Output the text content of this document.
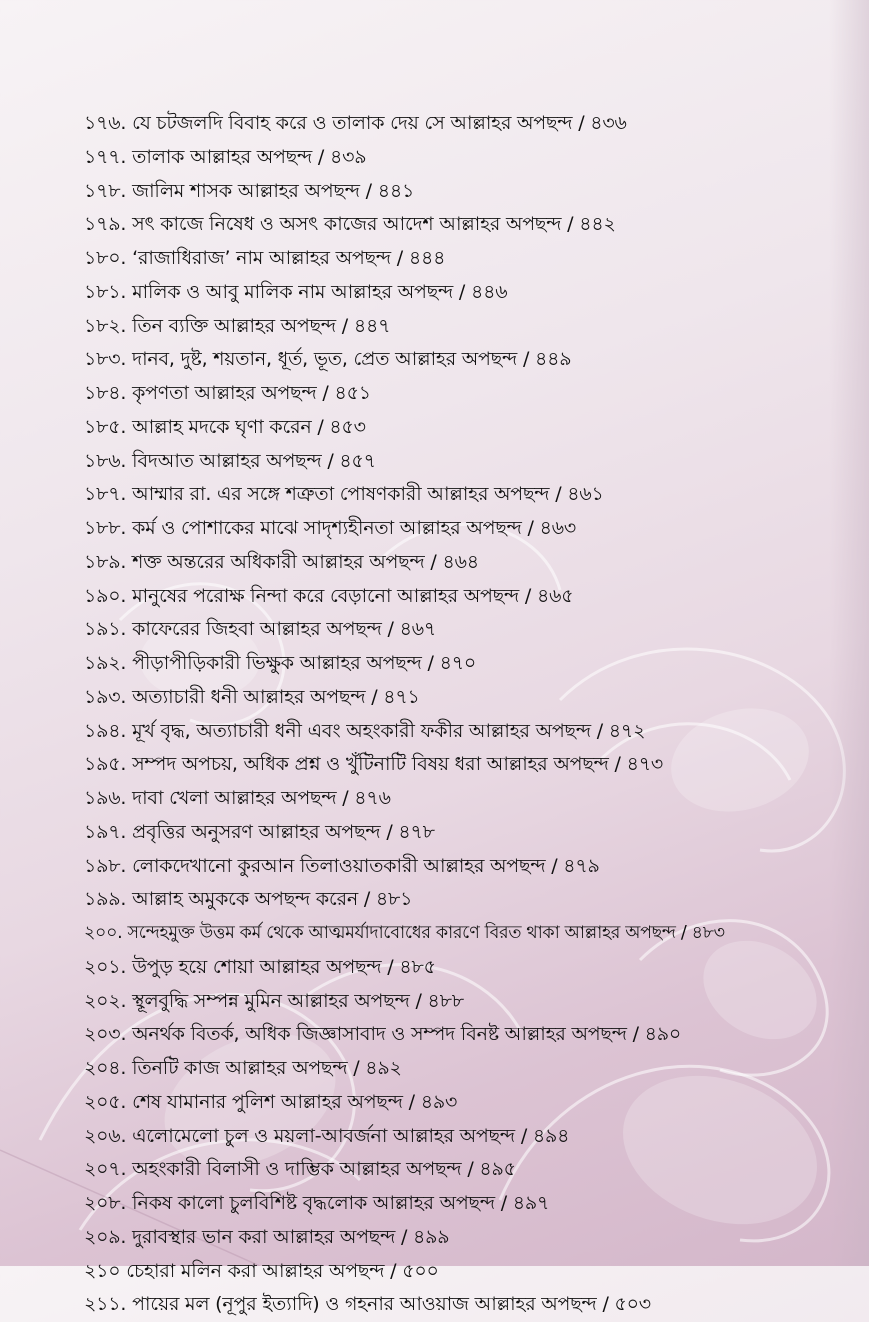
১৭৬. যে চটজলদি বিবাহ করে ও তালাক দেয় সে আল্লাহর অপছন্দ / ৪৩৬
১৭৭. তালাক আল্লাহর অপছন্দ / ৪৩৯
১৭৮. জালিম শাসক আল্লাহর অপছন্দ / ৪৪১
১৭৯. সৎ কাজে নিষেধ ও অসৎ কাজের আদেশ আল্লাহর অপছন্দ / ৪৪২
১৮০. ‘রাজাধিরাজ’ নাম আল্লাহর অপছন্দ / ৪৪৪
১৮১. মালিক ও আবু মালিক নাম আল্লাহর অপছন্দ / ৪৪৬
১৮২. তিন ব্যক্তি আল্লাহর অপছন্দ / ৪৪৭
১৮৩. দানব, দুষ্ট, শয়তান, ধূর্ত, ভূত, প্রেত আল্লাহর অপছন্দ / ৪৪৯
১৮৪. কৃপণতা আল্লাহর অপছন্দ / ৪৫১
১৮৫. আল্লাহ মদকে ঘৃণা করেন / ৪৫৩
১৮৬. বিদআত আল্লাহর অপছন্দ / ৪৫৭
১৮৭. আম্মার রা. এর সঙ্গে শত্রুতা পোষণকারী আল্লাহর অপছন্দ / ৪৬১
১৮৮. কর্ম ও পোশাকের মাঝে সাদৃশ্যহীনতা আল্লাহর অপছন্দ / ৪৬৩
১৮৯. শক্ত অন্তরের অধিকারী আল্লাহর অপছন্দ / ৪৬৪
১৯০. মানুষের পরোক্ষ নিন্দা করে বেড়ানো আল্লাহর অপছন্দ / ৪৬৫
১৯১. কাফেরের জিহবা আল্লাহর অপছন্দ / ৪৬৭
১৯২. পীড়াপীড়িকারী ভিক্ষুক আল্লাহর অপছন্দ / ৪৭০
১৯৩. অত্যাচারী ধনী আল্লাহর অপছন্দ / ৪৭১
১৯৪. মূর্খ বৃদ্ধ, অত্যাচারী ধনী এবং অহংকারী ফকীর আল্লাহর অপছন্দ / ৪৭২
১৯৫. সম্পদ অপচয়, অধিক প্রশ্ন ও খুঁটিনাটি বিষয় ধরা আল্লাহর অপছন্দ / ৪৭৩
১৯৬. দাবা খেলা আল্লাহর অপছন্দ / ৪৭৬
১৯৭. প্রবৃত্তির অনুসরণ আল্লাহর অপছন্দ / ৪৭৮
১৯৮. লোকদেখানো কুরআন তিলাওয়াতকারী আল্লাহর অপছন্দ / ৪৭৯
১৯৯. আল্লাহ অমুককে অপছন্দ করেন / ৪৮১
২০০. সন্দেহমুক্ত উত্তম কর্ম থেকে আত্মমর্যাদাবোধের কারণে বিরত থাকা আল্লাহর অপছন্দ / ৪৮৩
২০১. উপুড় হয়ে শোয়া আল্লাহর অপছন্দ / ৪৮৫
২০২. স্থূলবুদ্ধি সম্পন্ন মুমিন আল্লাহর অপছন্দ / ৪৮৮
২০৩. অনর্থক বিতর্ক, অধিক জিজ্ঞাসাবাদ ও সম্পদ বিনষ্ট আল্লাহর অপছন্দ / ৪৯০
২০৪. তিনটি কাজ আল্লাহর অপছন্দ / ৪৯২
২০৫. শেষ যামানার পুলিশ আল্লাহর অপছন্দ / ৪৯৩
২০৬. এলোমেলো চুল ও ময়লা-আবর্জনা আল্লাহর অপছন্দ / ৪৯৪
২০৭. অহংকারী বিলাসী ও দাম্ভিক আল্লাহর অপছন্দ / ৪৯৫
২০৮. নিকষ কালো চুলবিশিষ্ট বৃদ্ধলোক আল্লাহর অপছন্দ / ৪৯৭
২০৯. দুরাবস্থার ভান করা আল্লাহর অপছন্দ / ৪৯৯
২১০ চেহারা মলিন করা আল্লাহর অপছন্দ / ৫০০
২১১. পায়ের মল (নূপুর ইত্যাদি) ও গহনার আওয়াজ আল্লাহর অপছন্দ / ৫০৩
